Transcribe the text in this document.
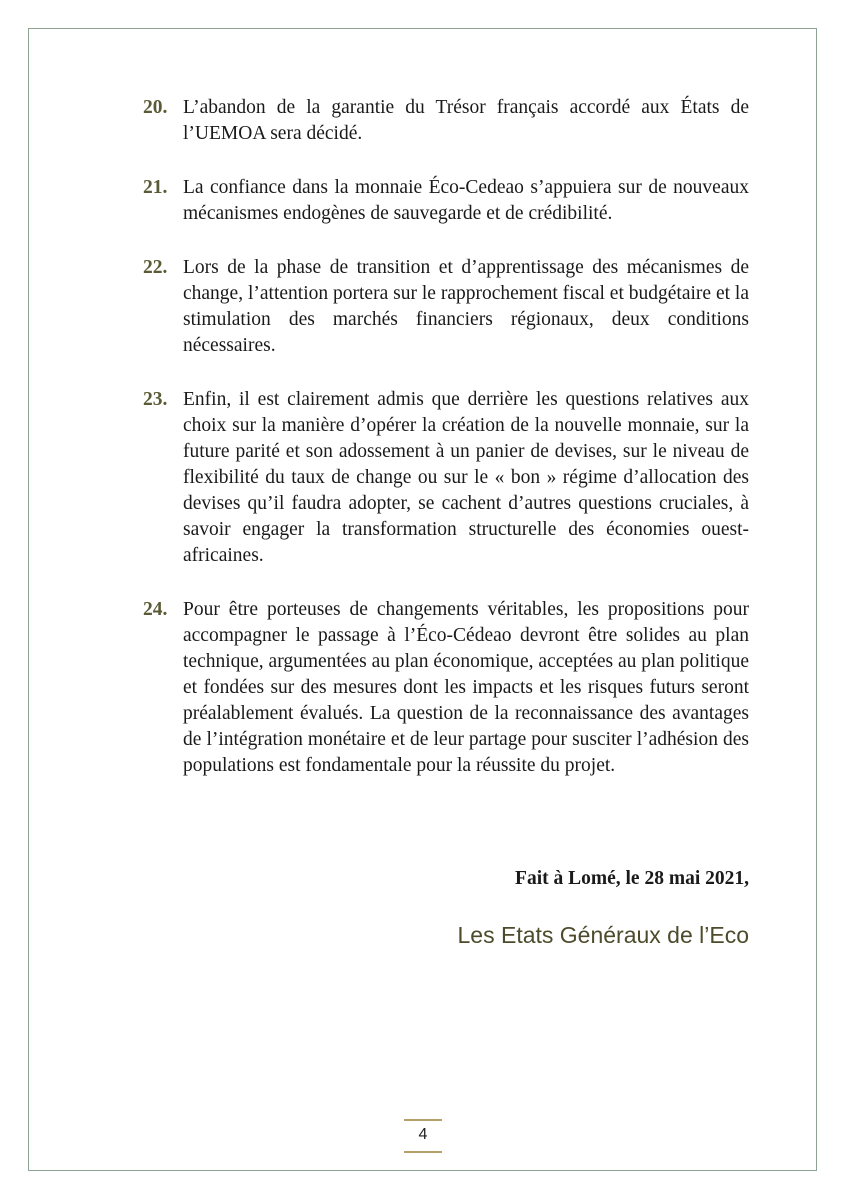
20. L’abandon de la garantie du Trésor français accordé aux États de l’UEMOA sera décidé.
21. La confiance dans la monnaie Éco-Cedeao s’appuiera sur de nouveaux mécanismes endogènes de sauvegarde et de crédibilité.
22. Lors de la phase de transition et d’apprentissage des mécanismes de change, l’attention portera sur le rapprochement fiscal et budgétaire et la stimulation des marchés financiers régionaux, deux conditions nécessaires.
23. Enfin, il est clairement admis que derrière les questions relatives aux choix sur la manière d’opérer la création de la nouvelle monnaie, sur la future parité et son adossement à un panier de devises, sur le niveau de flexibilité du taux de change ou sur le « bon » régime d’allocation des devises qu’il faudra adopter, se cachent d’autres questions cruciales, à savoir engager la transformation structurelle des économies ouest-africaines.
24. Pour être porteuses de changements véritables, les propositions pour accompagner le passage à l’Éco-Cédeao devront être solides au plan technique, argumentées au plan économique, acceptées au plan politique et fondées sur des mesures dont les impacts et les risques futurs seront préalablement évalués. La question de la reconnaissance des avantages de l’intégration monétaire et de leur partage pour susciter l’adhésion des populations est fondamentale pour la réussite du projet.
Fait à Lomé, le 28 mai 2021,
Les Etats Généraux de l’Eco
4
